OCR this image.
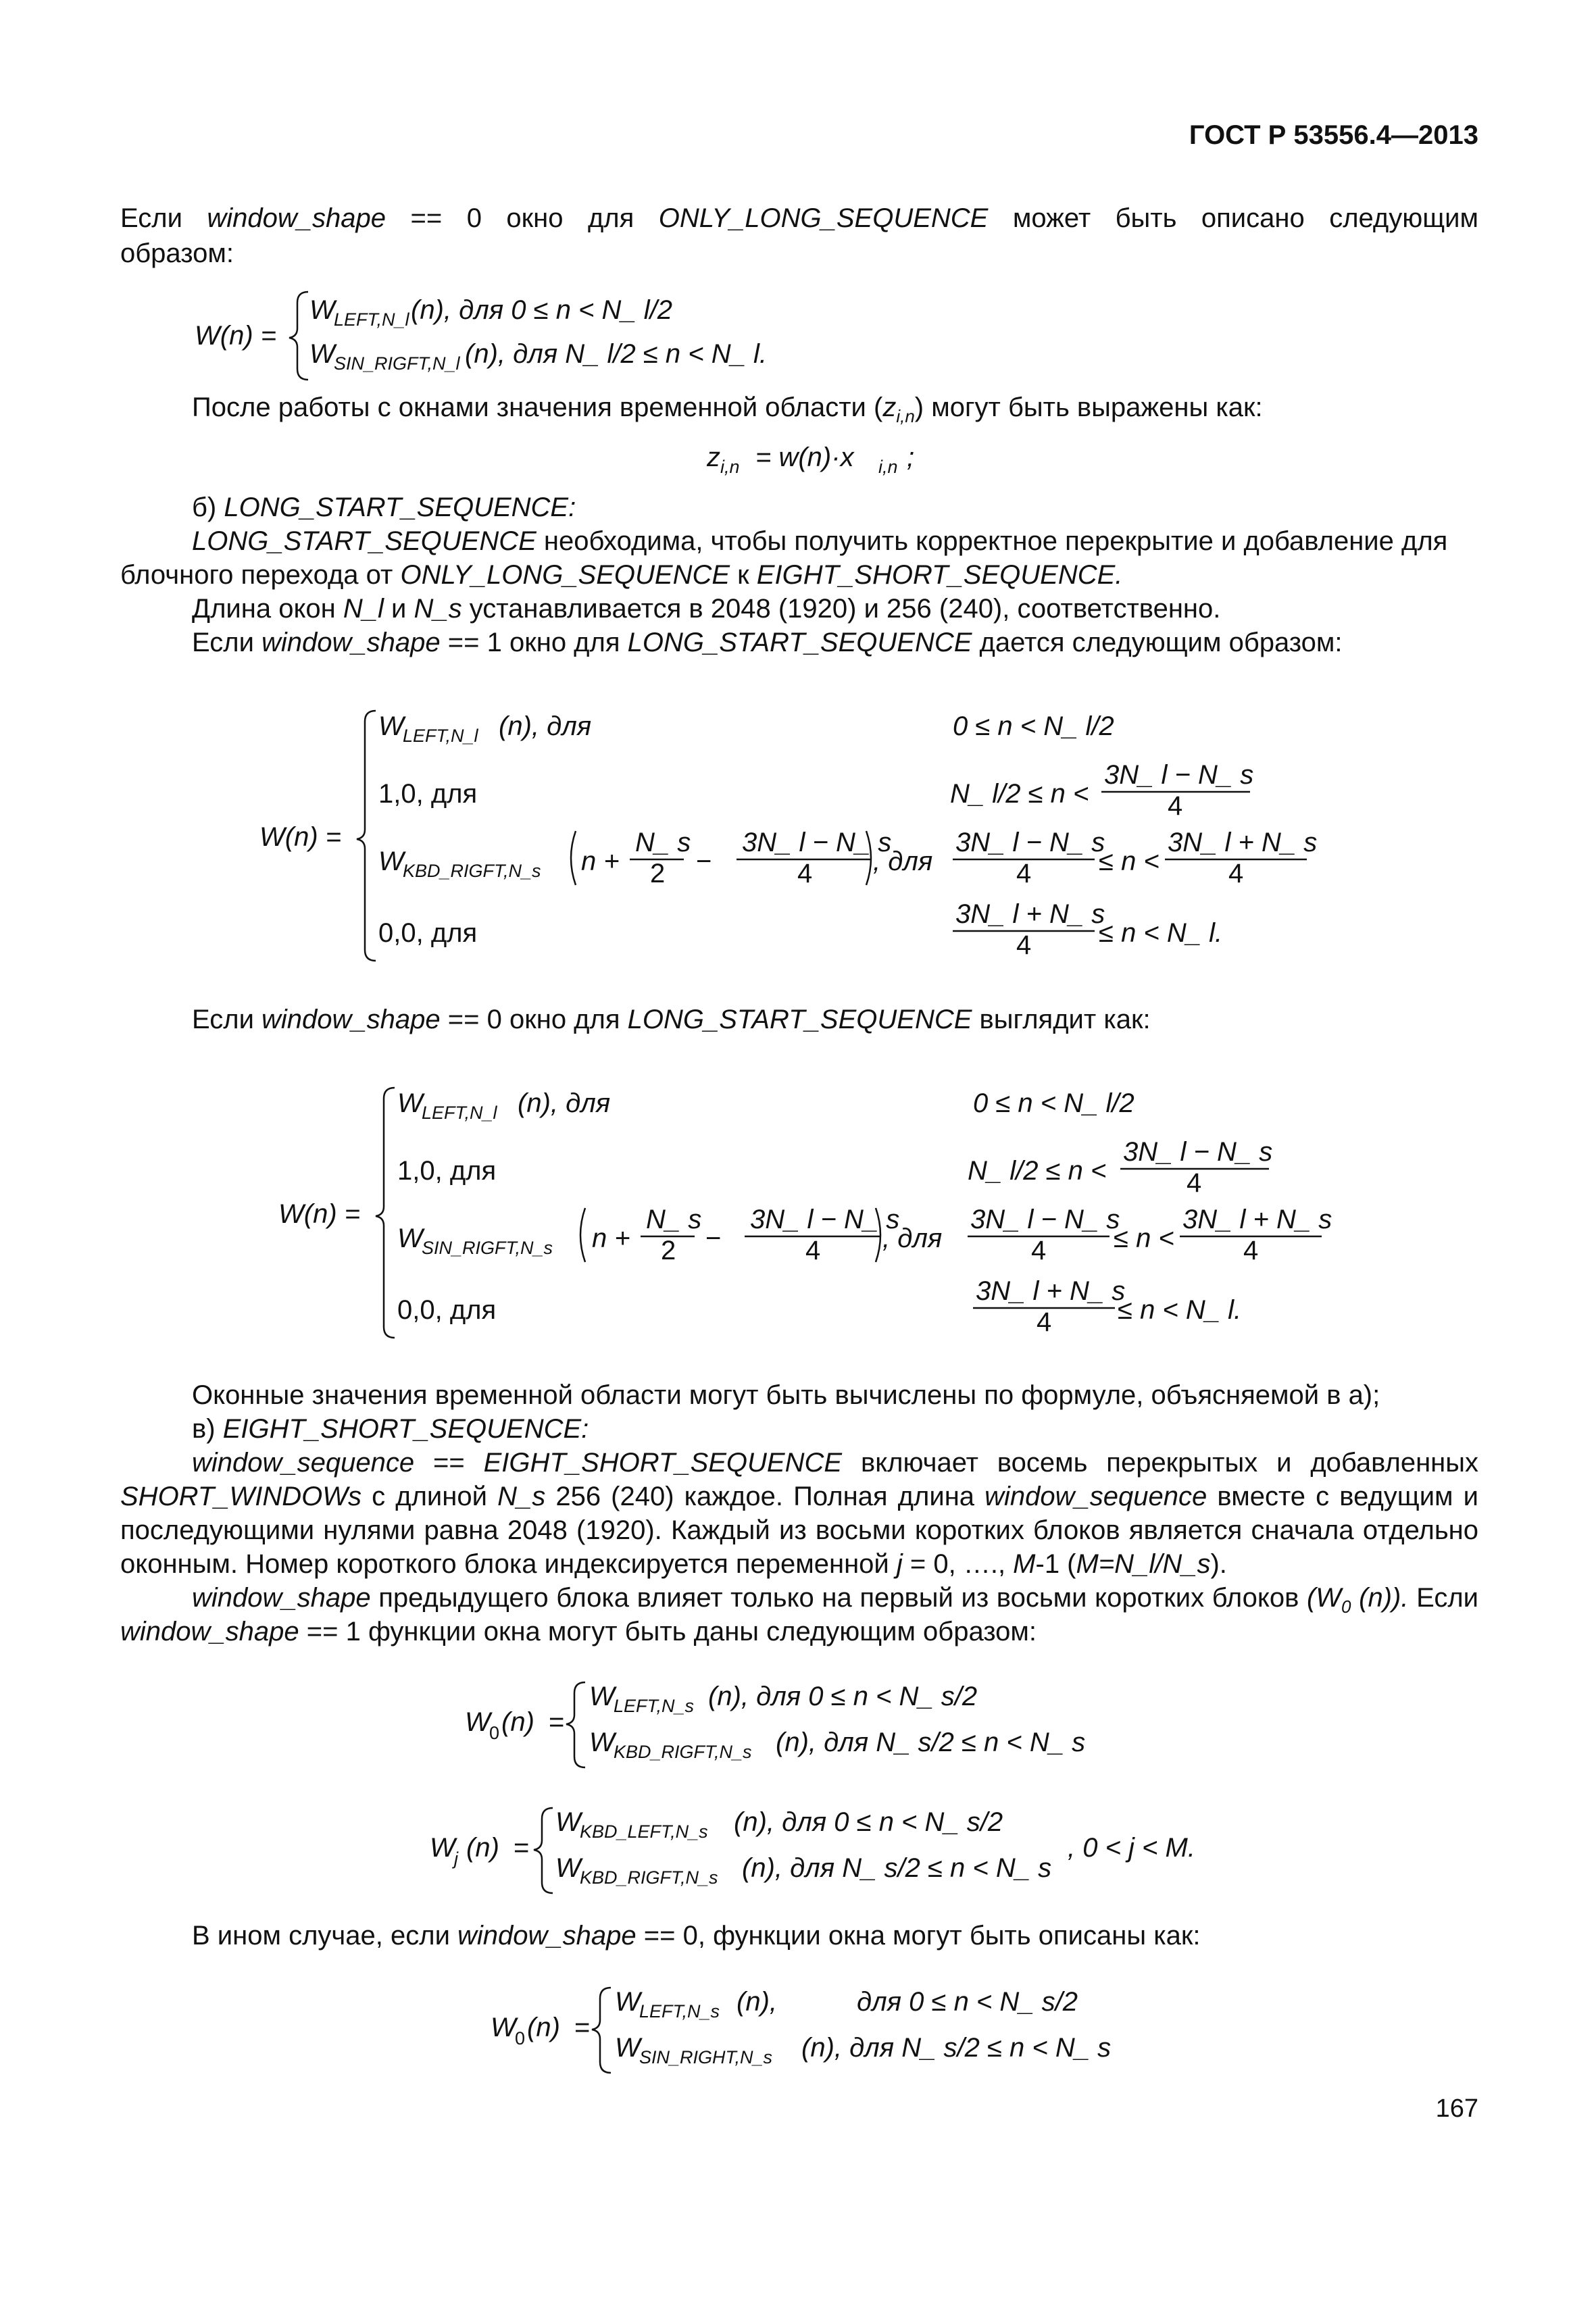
ГОСТ Р 53556.4—2013
Если window_shape == 0 окно для ONLY_LONG_SEQUENCE может быть описано следующим
образом:
W(n) =
W
LEFT,N_l (n), для 0 ≤ n < N_ l/2
W
SIN_RIGFT,N_l (n), для N_ l/2 ≤ n < N_ l.
После работы с окнами значения временной области $(z_{i,n})$ могут быть выражены как:
z i,n = w(n)·x i,n ;
б) LONG_START_SEQUENCE:
LONG_START_SEQUENCE необходима, чтобы получить корректное перекрытие и добавление для
блочного перехода от ONLY_LONG_SEQUENCE к EIGHT_SHORT_SEQUENCE.
Длина окон N_l и N_s устанавливается в 2048 (1920) и 256 (240), соответственно.
Если window_shape == 1 окно для LONG_START_SEQUENCE дается следующим образом:
W(n) =
W
LEFT,N_l (n), для	0 ≤ n < N_ l/2
1,0, для	N_ l/2 ≤ n <
3N_ l − N_ s
4
W
KBD_RIGFT,N_s n +
N_ s
2 −
3N_ l − N_ s
4 , для
3N_ l − N_ s
4 ≤ n <
3N_ l + N_ s
4
0,0, для
3N_ l + N_ s
4 ≤ n < N_ l.
Если window_shape == 0 окно для LONG_START_SEQUENCE выглядит как:
W(n) =
W
LEFT,N_l (n), для	0 ≤ n < N_ l/2
1,0, для	N_ l/2 ≤ n <
3N_ l − N_ s
4
W
SIN_RIGFT,N_s n +
N_ s
2 −
3N_ l − N_ s
4 , для
3N_ l − N_ s
4 ≤ n <
3N_ l + N_ s
4
0,0, для
3N_ l + N_ s
4 ≤ n < N_ l.
Оконные значения временной области могут быть вычислены по формуле, объясняемой в а);
в) EIGHT_SHORT_SEQUENCE:
window_sequence == EIGHT_SHORT_SEQUENCE включает восемь перекрытых и добавленных
SHORT_WINDOWs с длиной N_s 256 (240) каждое. Полная длина window_sequence вместе с ведущим и
последующими нулями равна 2048 (1920). Каждый из восьми коротких блоков является сначала отдельно
оконным. Номер короткого блока индексируется переменной j = 0, …., M-1 (M=N_l/N_s).
window_shape предыдущего блока влияет только на первый из восьми коротких блоков ($W_0$ (n)). Если
window_shape == 1 функции окна могут быть даны следующим образом:
W
0 (n) =
W
LEFT,N_s (n), для 0 ≤ n < N_ s/2
W
KBD_RIGFT,N_s (n), для N_ s/2 ≤ n < N_ s
W
j (n) =
W
KBD_LEFT,N_s (n), для 0 ≤ n < N_ s/2
W
KBD_RIGFT,N_s (n), для N_ s/2 ≤ n < N_ s
, 0 < j < M.
В ином случае, если window_shape == 0, функции окна могут быть описаны как:
W
0 (n) =
W
LEFT,N_s (n),	для 0 ≤ n < N_ s/2
W
SIN_RIGHT,N_s (n), для N_ s/2 ≤ n < N_ s
167
